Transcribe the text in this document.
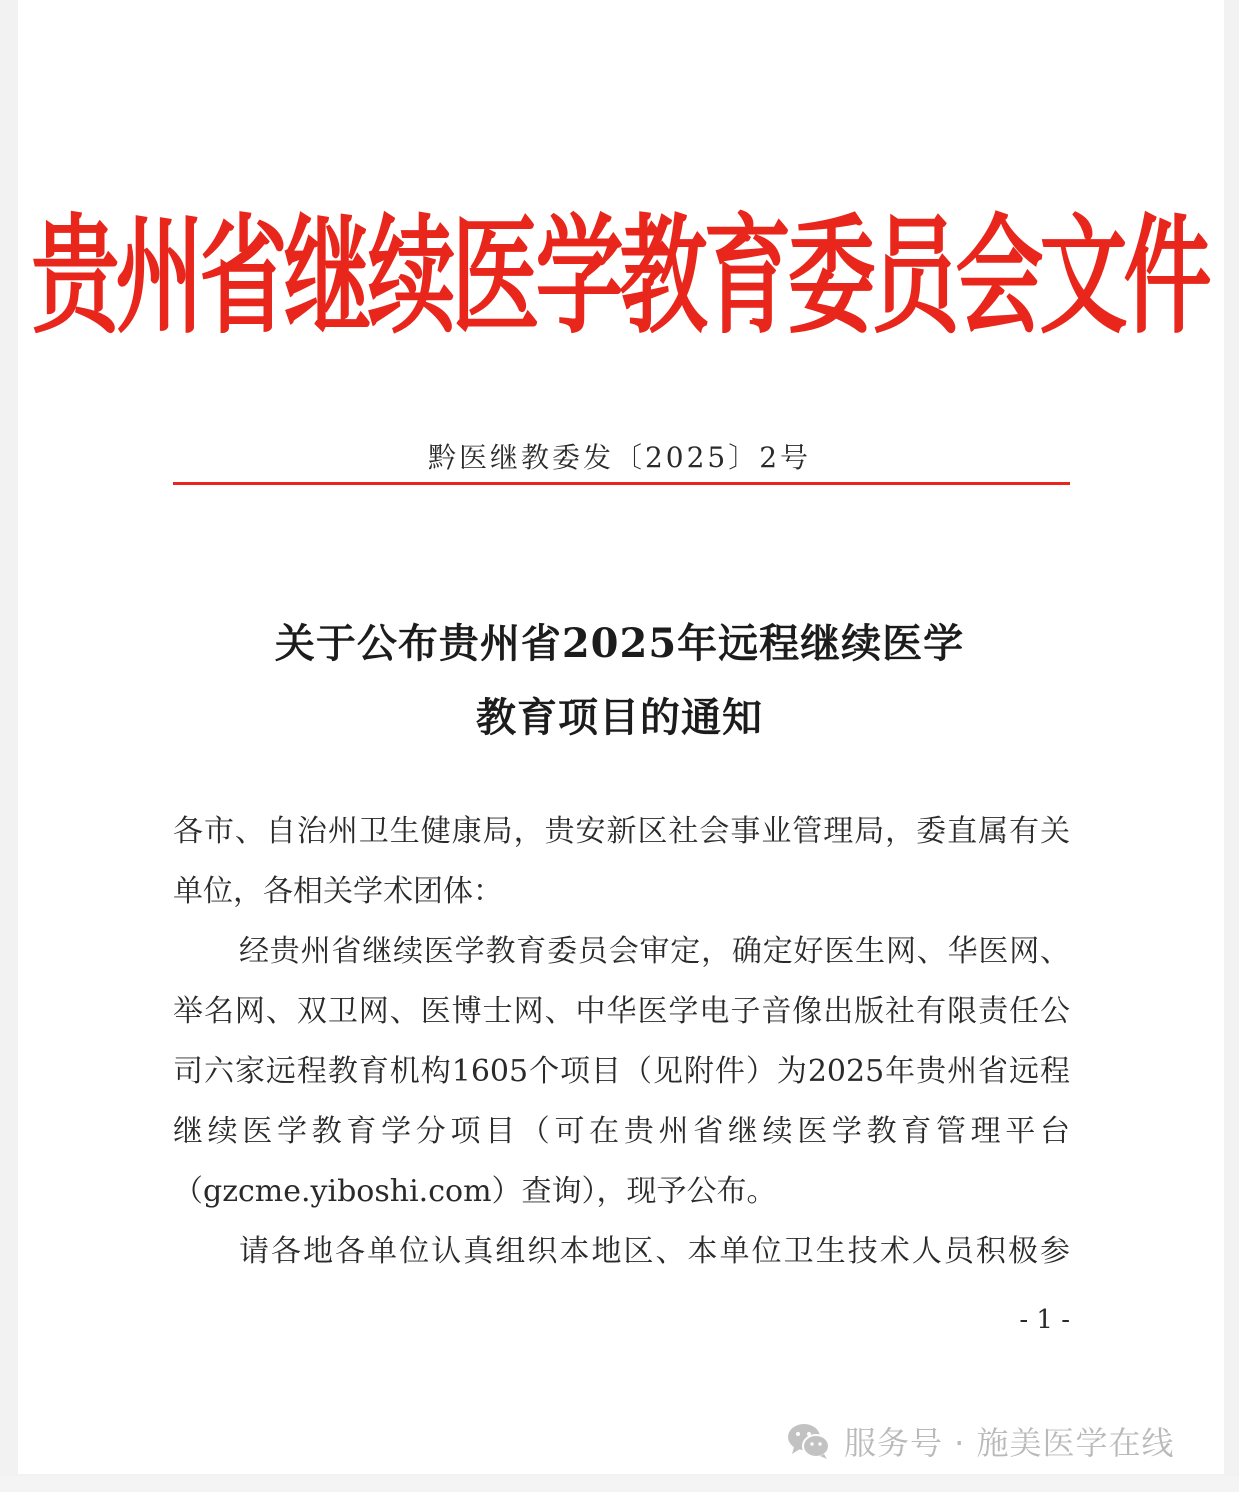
贵州省继续医学教育委员会文件
黔医继教委发〔2025〕2号
关于公布贵州省2025年远程继续医学
教育项目的通知
各市、自治州卫生健康局，贵安新区社会事业管理局，委直属有关
单位，各相关学术团体：
经贵州省继续医学教育委员会审定，确定好医生网、华医网、
举名网、双卫网、医博士网、中华医学电子音像出版社有限责任公
司六家远程教育机构1605个项目（见附件）为2025年贵州省远程
继续医学教育学分项目（可在贵州省继续医学教育管理平台
（gzcme.yiboshi.com）查询），现予公布。
请各地各单位认真组织本地区、本单位卫生技术人员积极参
- 1 -
服务号 · 施美医学在线
